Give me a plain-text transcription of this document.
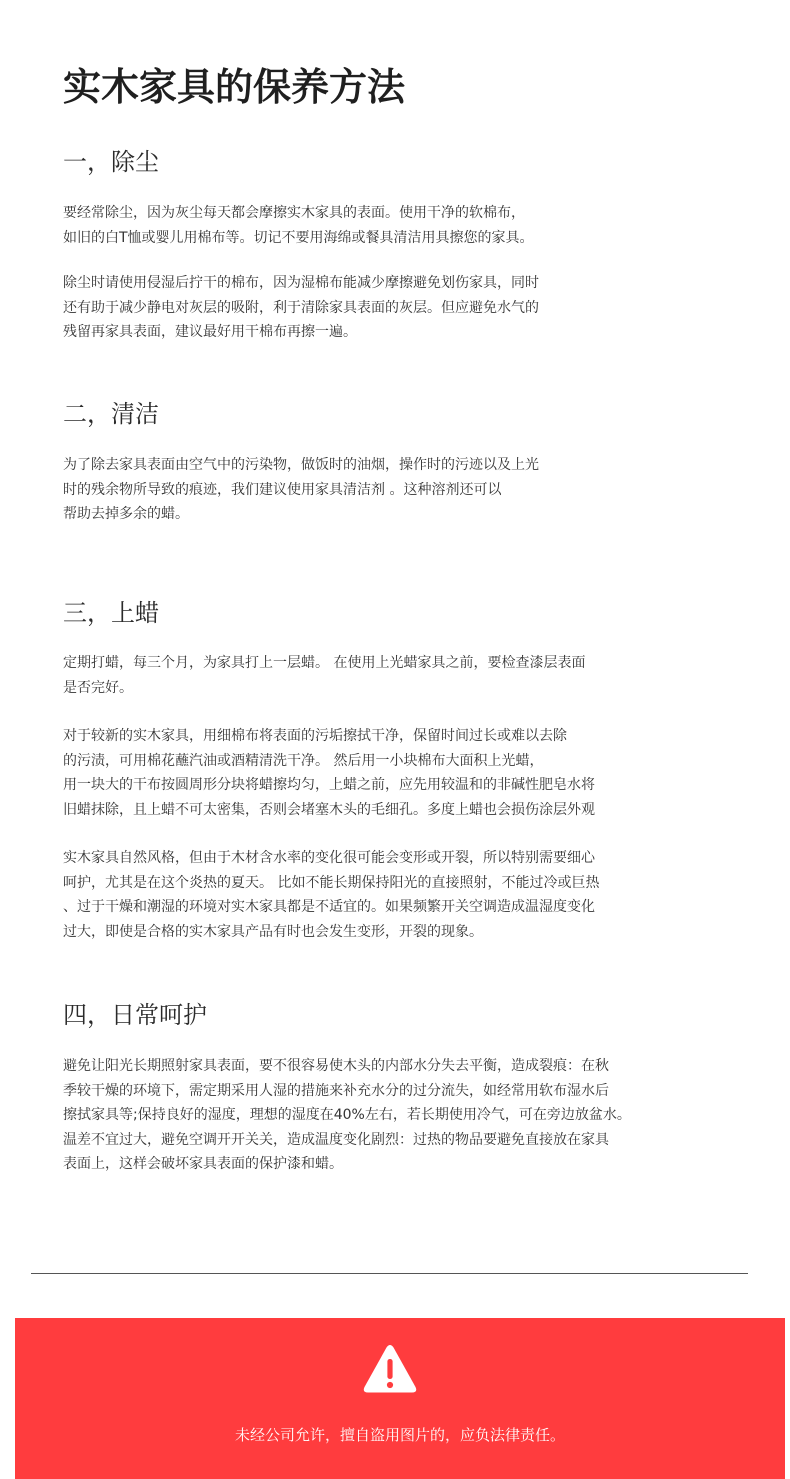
实木家具的保养方法
一，除尘
要经常除尘，因为灰尘每天都会摩擦实木家具的表面。使用干净的软棉布，
如旧的白T恤或婴儿用棉布等。切记不要用海绵或餐具清洁用具擦您的家具。
除尘时请使用侵湿后拧干的棉布，因为湿棉布能减少摩擦避免划伤家具，同时
还有助于减少静电对灰层的吸附，利于清除家具表面的灰层。但应避免水气的
残留再家具表面，建议最好用干棉布再擦一遍。
二，清洁
为了除去家具表面由空气中的污染物，做饭时的油烟，操作时的污迹以及上光
时的残余物所导致的痕迹，我们建议使用家具清洁剂 。这种溶剂还可以
帮助去掉多余的蜡。
三，上蜡
定期打蜡，每三个月，为家具打上一层蜡。 在使用上光蜡家具之前，要检查漆层表面
是否完好。
对于较新的实木家具，用细棉布将表面的污垢擦拭干净，保留时间过长或难以去除
的污渍，可用棉花蘸汽油或酒精清洗干净。 然后用一小块棉布大面积上光蜡，
用一块大的干布按圆周形分块将蜡擦均匀，上蜡之前，应先用较温和的非碱性肥皂水将
旧蜡抹除，且上蜡不可太密集，否则会堵塞木头的毛细孔。多度上蜡也会损伤涂层外观
实木家具自然风格，但由于木材含水率的变化很可能会变形或开裂，所以特别需要细心
呵护，尤其是在这个炎热的夏天。 比如不能长期保持阳光的直接照射，不能过冷或巨热
、过于干燥和潮湿的环境对实木家具都是不适宜的。如果频繁开关空调造成温湿度变化
过大，即使是合格的实木家具产品有时也会发生变形，开裂的现象。
四，日常呵护
避免让阳光长期照射家具表面，要不很容易使木头的内部水分失去平衡，造成裂痕：在秋
季较干燥的环境下，需定期采用人湿的措施来补充水分的过分流失，如经常用软布湿水后
擦拭家具等;保持良好的湿度，理想的湿度在40%左右，若长期使用冷气，可在旁边放盆水。
温差不宜过大，避免空调开开关关，造成温度变化剧烈：过热的物品要避免直接放在家具
表面上，这样会破坏家具表面的保护漆和蜡。
未经公司允许，擅自盗用图片的，应负法律责任。
